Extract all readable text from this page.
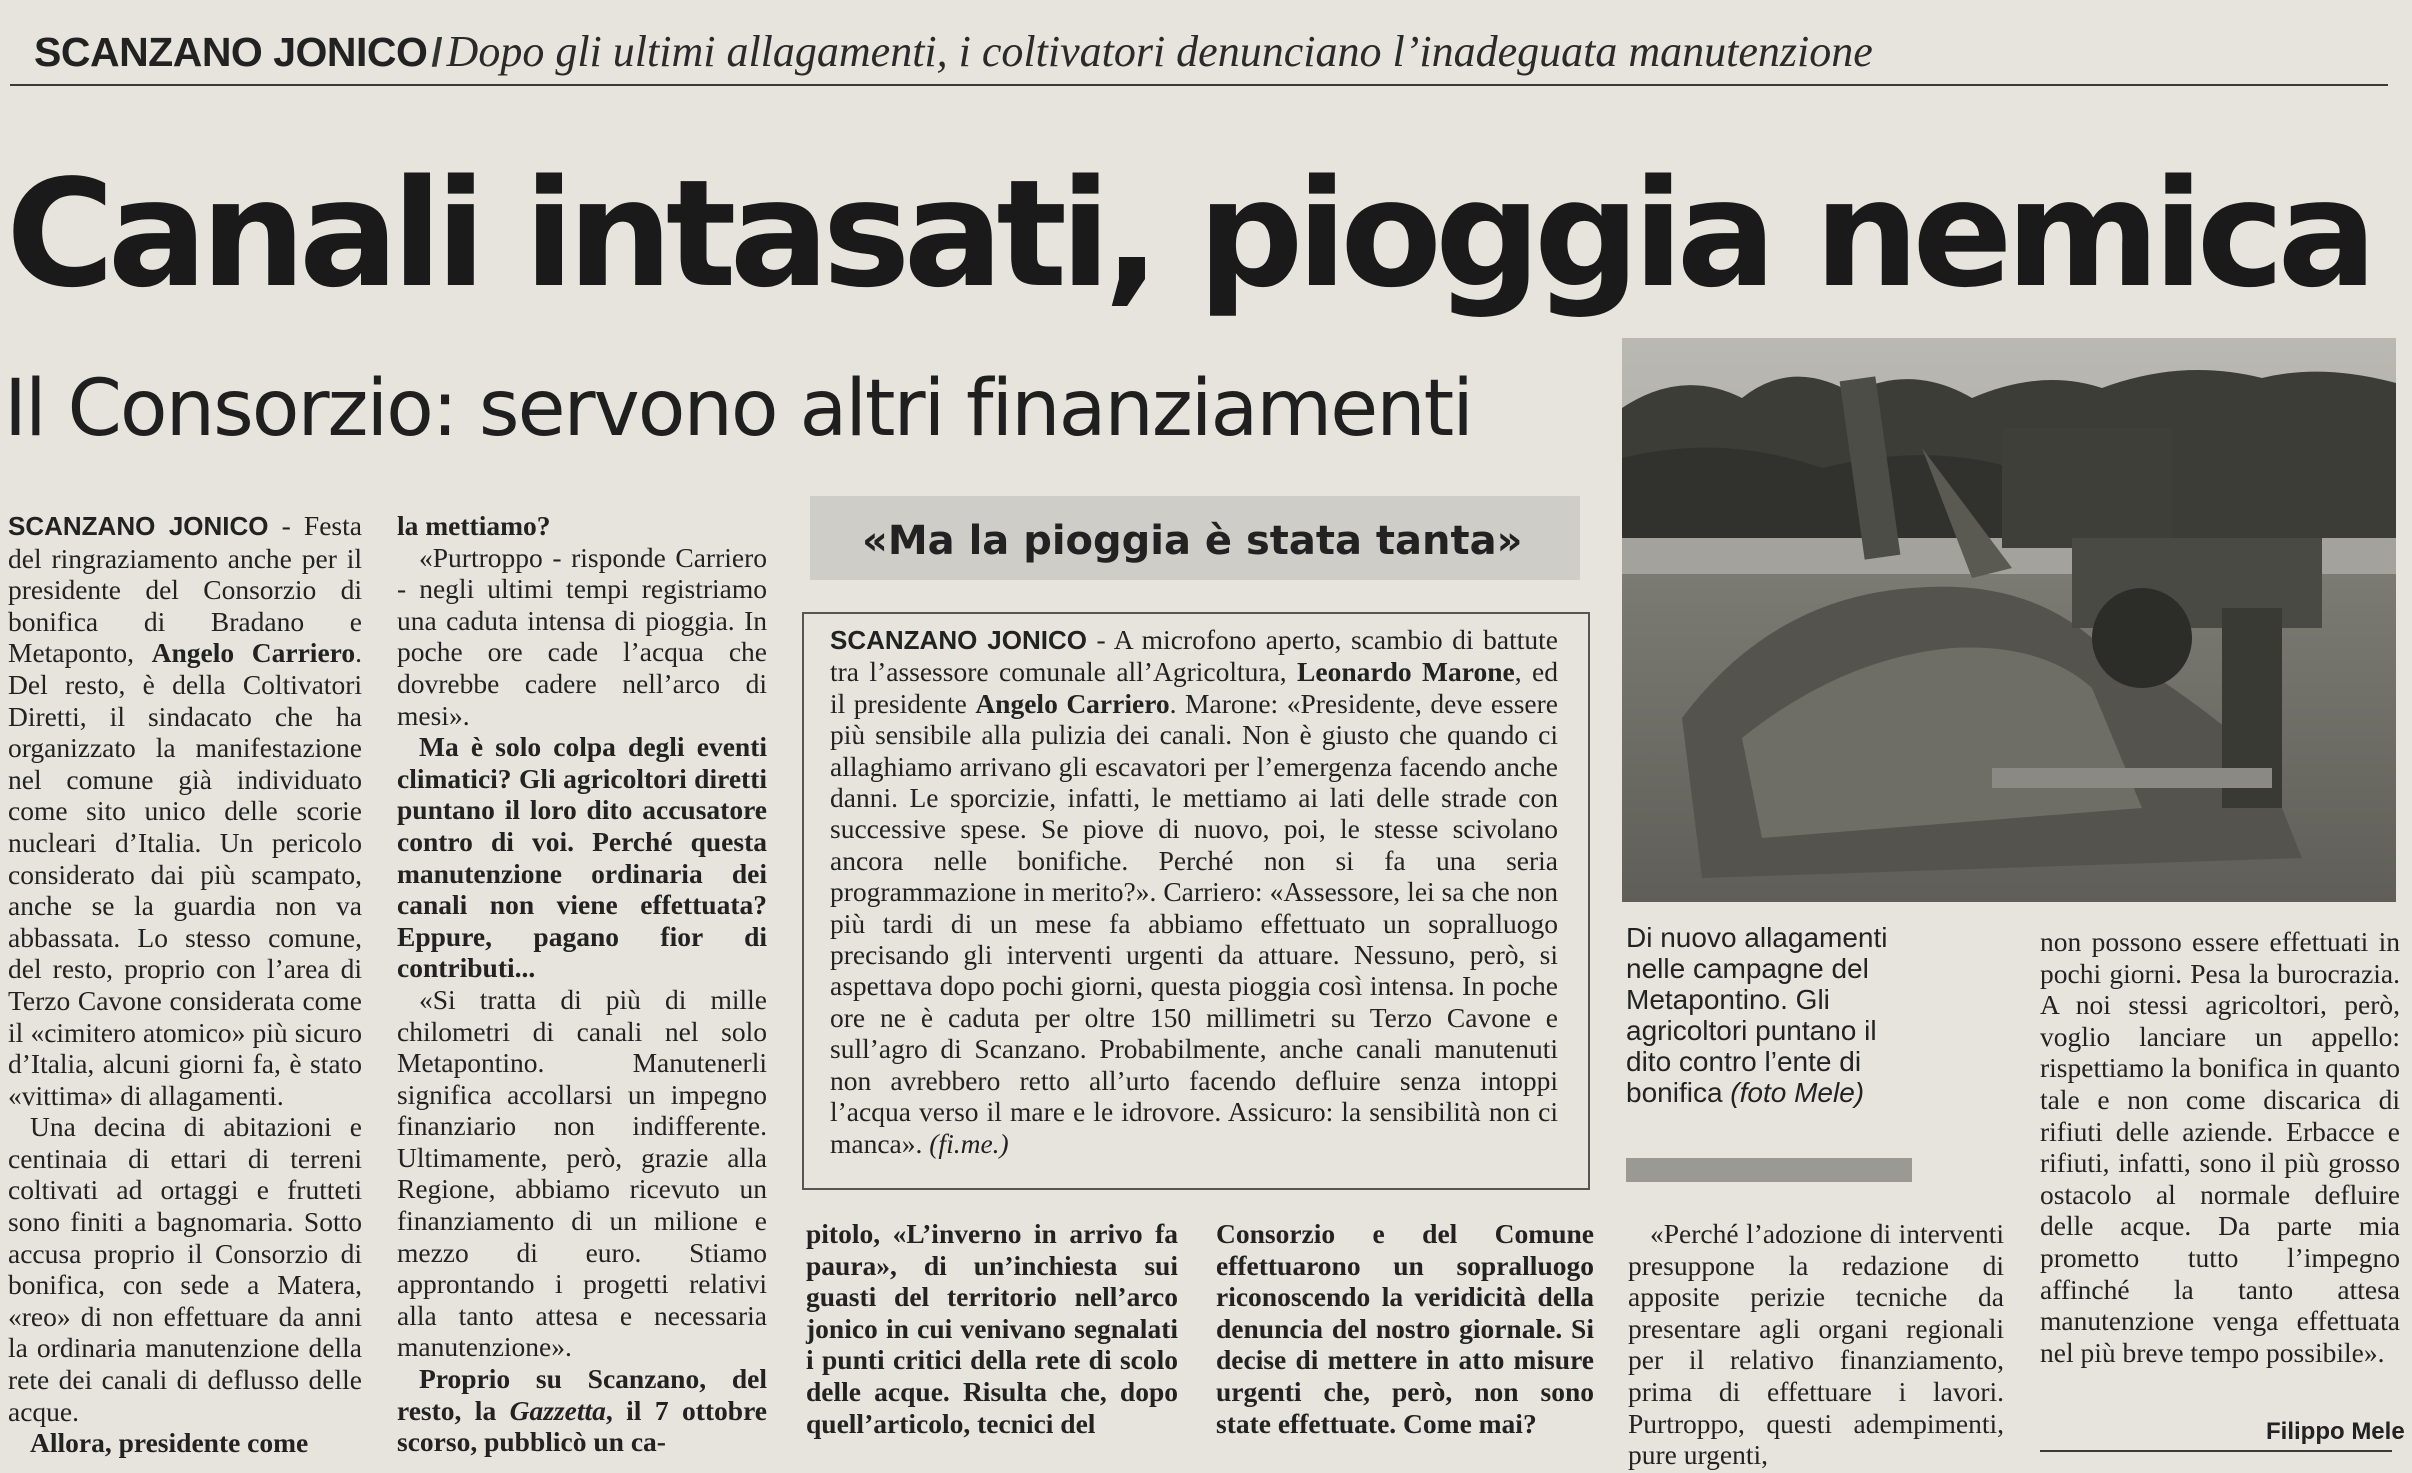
SCANZANO JONICO / Dopo gli ultimi allagamenti, i coltivatori denunciano l’inadeguata manutenzione
Canali intasati, pioggia nemica
Il Consorzio: servono altri finanziamenti

SCANZANO JONICO - Festa del ringraziamento anche per il presidente del Consorzio di bonifica di Bradano e Metaponto, Angelo Carriero. Del resto, è della Coltivatori Diretti, il sindacato che ha organizzato la manifestazione nel comune già individuato come sito unico delle scorie nucleari d’Italia. Un pericolo considerato dai più scampato, anche se la guardia non va abbassata. Lo stesso comune, del resto, proprio con l’area di Terzo Cavone considerata come il «cimitero atomico» più sicuro d’Italia, alcuni giorni fa, è stato «vittima» di allagamenti.

Una decina di abitazioni e centinaia di ettari di terreni coltivati ad ortaggi e frutteti sono finiti a bagnomaria. Sotto accusa proprio il Consorzio di bonifica, con sede a Matera, «reo» di non effettuare da anni la ordinaria manutenzione della rete dei canali di deflusso delle acque.

Allora, presidente come

la mettiamo?

«Purtroppo - risponde Carriero - negli ultimi tempi registriamo una caduta intensa di pioggia. In poche ore cade l’acqua che dovrebbe cadere nell’arco di mesi».

Ma è solo colpa degli eventi climatici? Gli agricoltori diretti puntano il loro dito accusatore contro di voi. Perché questa manutenzione ordinaria dei canali non viene effettuata? Eppure, pagano fior di contributi...

«Si tratta di più di mille chilometri di canali nel solo Metapontino. Manutenerli significa accollarsi un impegno finanziario non indifferente. Ultimamente, però, grazie alla Regione, abbiamo ricevuto un finanziamento di un milione e mezzo di euro. Stiamo approntando i progetti relativi alla tanto attesa e necessaria manutenzione».

Proprio su Scanzano, del resto, la Gazzetta, il 7 ottobre scorso, pubblicò un ca-

«Ma la pioggia è stata tanta»

SCANZANO JONICO - A microfono aperto, scambio di battute tra l’assessore comunale all’Agricoltura, Leonardo Marone, ed il presidente Angelo Carriero. Marone: «Presidente, deve essere più sensibile alla pulizia dei canali. Non è giusto che quando ci allaghiamo arrivano gli escavatori per l’emergenza facendo anche danni. Le sporcizie, infatti, le mettiamo ai lati delle strade con successive spese. Se piove di nuovo, poi, le stesse scivolano ancora nelle bonifiche. Perché non si fa una seria programmazione in merito?». Carriero: «Assessore, lei sa che non più tardi di un mese fa abbiamo effettuato un sopralluogo precisando gli interventi urgenti da attuare. Nessuno, però, si aspettava dopo pochi giorni, questa pioggia così intensa. In poche ore ne è caduta per oltre 150 millimetri su Terzo Cavone e sull’agro di Scanzano. Probabilmente, anche canali manutenuti non avrebbero retto all’urto facendo defluire senza intoppi l’acqua verso il mare e le idrovore. Assicuro: la sensibilità non ci manca». (fi.me.)

pitolo, «L’inverno in arrivo fa paura», di un’inchiesta sui guasti del territorio nell’arco jonico in cui venivano segnalati i punti critici della rete di scolo delle acque. Risulta che, dopo quell’articolo, tecnici del

Consorzio e del Comune effettuarono un sopralluogo riconoscendo la veridicità della denuncia del nostro giornale. Si decise di mettere in atto misure urgenti che, però, non sono state effettuate. Come mai?

Di nuovo allagamenti nelle campagne del Metapontino. Gli agricoltori puntano il dito contro l’ente di bonifica (foto Mele)

«Perché l’adozione di interventi presuppone la redazione di apposite perizie tecniche da presentare agli organi regionali per il relativo finanziamento, prima di effettuare i lavori. Purtroppo, questi adempimenti, pure urgenti,

non possono essere effettuati in pochi giorni. Pesa la burocrazia. A noi stessi agricoltori, però, voglio lanciare un appello: rispettiamo la bonifica in quanto tale e non come discarica di rifiuti delle aziende. Erbacce e rifiuti, infatti, sono il più grosso ostacolo al normale defluire delle acque. Da parte mia prometto tutto l’impegno affinché la tanto attesa manutenzione venga effettuata nel più breve tempo possibile».

Filippo Mele
